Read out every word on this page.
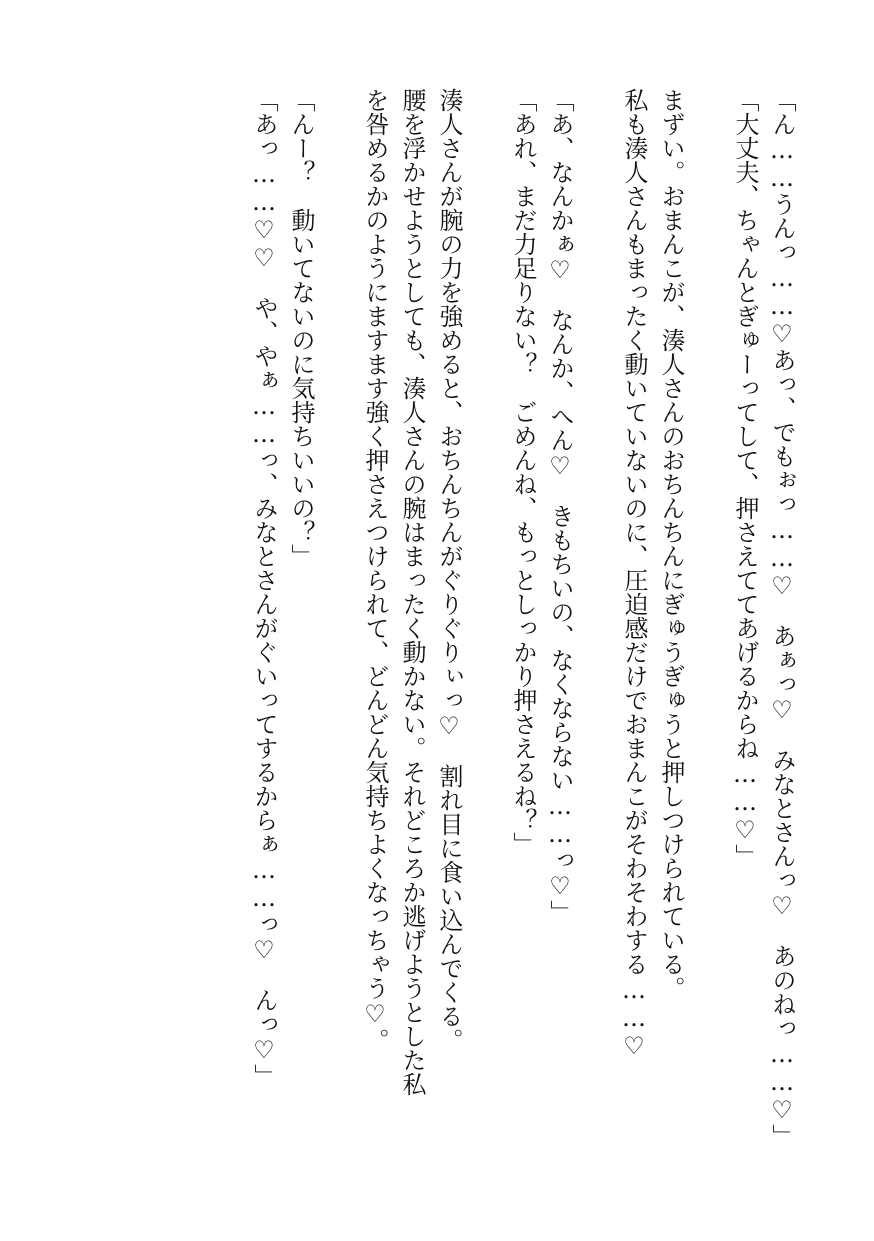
「ん……うんっ……♡あっ、でもぉっ……♡　あぁっ♡　みなとさんっ♡　あのねっ……♡」
「大丈夫、ちゃんとぎゅーってして、押さえててあげるからね……♡」
まずい。おまんこが、湊人さんのおちんちんにぎゅうぎゅうと押しつけられている。
私も湊人さんもまったく動いていないのに、圧迫感だけでおまんこがそわそわする……♡
「あ、なんかぁ♡　なんか、へん♡　きもちいの、なくならない……っ♡」
「あれ、まだ力足りない？　ごめんね、もっとしっかり押さえるね？」
湊人さんが腕の力を強めると、おちんちんがぐりぐりぃっ♡　割れ目に食い込んでくる。
腰を浮かせようとしても、湊人さんの腕はまったく動かない。それどころか逃げようとした私
を咎めるかのようにますます強く押さえつけられて、どんどん気持ちよくなっちゃう♡。
「んー？　動いてないのに気持ちいいの？」
「あっ……♡♡　や、やぁ……っ、みなとさんがぐいってするからぁ……っ♡　んっ♡」
